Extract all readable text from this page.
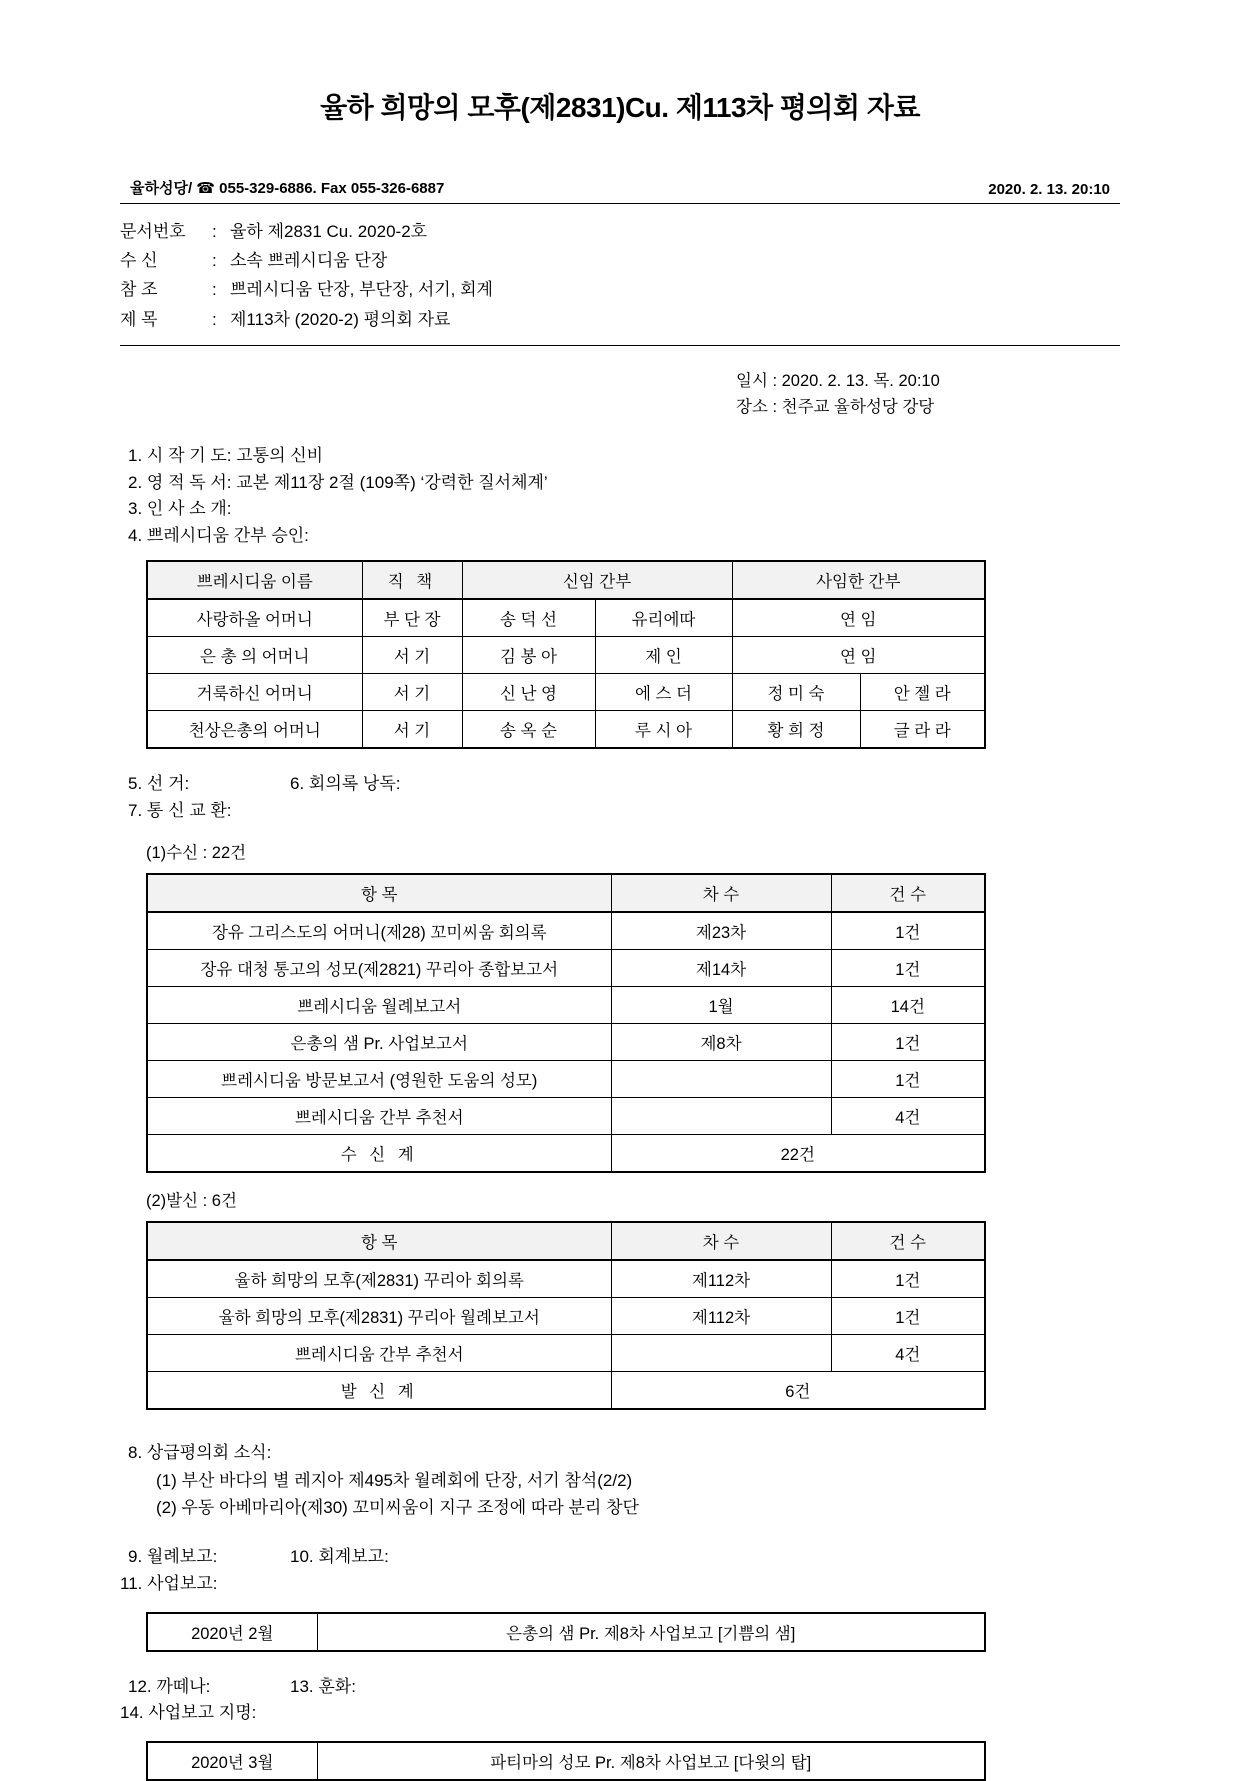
율하 희망의 모후(제2831)Cu. 제113차 평의회 자료
율하성당/ ☎ 055-329-6886. Fax 055-326-6887	2020. 2. 13. 20:10
문서번호	: 율하 제2831 Cu. 2020-2호
수 신	: 소속 쁘레시디움 단장
참 조	: 쁘레시디움 단장, 부단장, 서기, 회계
제 목	: 제113차 (2020-2) 평의회 자료
일시 : 2020. 2. 13. 목. 20:10
장소 : 천주교 율하성당 강당
1. 시 작 기 도: 고통의 신비
2. 영 적 독 서: 교본 제11장 2절 (109쪽) ‘강력한 질서체계’
3. 인 사 소 개:
4. 쁘레시디움 간부 승인:
쁘레시디움 이름	직 책	신임 간부		사임한 간부	
사랑하올 어머니	부 단 장	송 덕 선	유리에따	연 임	
은 총 의 어머니	서 기	김 봉 아	제 인	연 임	
거룩하신 어머니	서 기	신 난 영	에 스 더	정 미 숙	안 젤 라
천상은총의 어머니	서 기	송 옥 순	루 시 아	황 희 정	글 라 라
5. 선 거:	6. 회의록 낭독:
7. 통 신 교 환:
(1)수신 : 22건
항 목	차 수	건 수
장유 그리스도의 어머니(제28) 꼬미씨움 회의록	제23차	1건
장유 대청 통고의 성모(제2821) 꾸리아 종합보고서	제14차	1건
쁘레시디움 월례보고서	1월	14건
은총의 샘 Pr. 사업보고서	제8차	1건
쁘레시디움 방문보고서 (영원한 도움의 성모)		1건
쁘레시디움 간부 추천서		4건
수 신 계	22건	
(2)발신 : 6건
항 목	차 수	건 수
율하 희망의 모후(제2831) 꾸리아 회의록	제112차	1건
율하 희망의 모후(제2831) 꾸리아 월례보고서	제112차	1건
쁘레시디움 간부 추천서		4건
발 신 계	6건	
8. 상급평의회 소식:
(1) 부산 바다의 별 레지아 제495차 월례회에 단장, 서기 참석(2/2)
(2) 우동 아베마리아(제30) 꼬미씨움이 지구 조정에 따라 분리 창단
9. 월례보고:	10. 회계보고:
11. 사업보고:
2020년 2월	은총의 샘 Pr. 제8차 사업보고 [기쁨의 샘]
12. 까떼나:	13. 훈화:
14. 사업보고 지명:
2020년 3월	파티마의 성모 Pr. 제8차 사업보고 [다윗의 탑]
